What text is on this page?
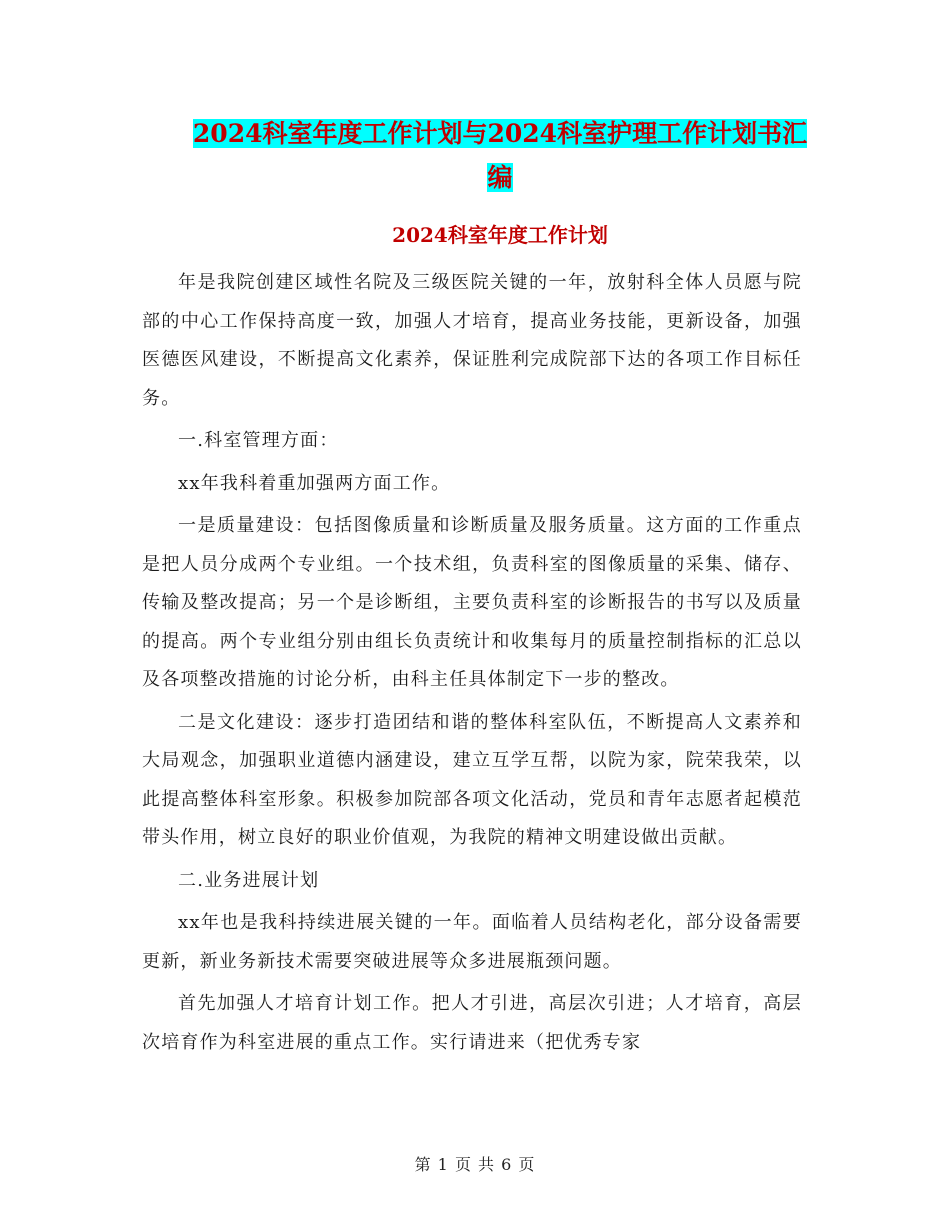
2024科室年度工作计划与2024科室护理工作计划书汇
编
2024科室年度工作计划

年是我院创建区域性名院及三级医院关键的一年，放射科全体人员愿与院部的中心工作保持高度一致，加强人才培育，提高业务技能，更新设备，加强医德医风建设，不断提高文化素养，保证胜利完成院部下达的各项工作目标任务。

一.科室管理方面：

xx年我科着重加强两方面工作。

一是质量建设：包括图像质量和诊断质量及服务质量。这方面的工作重点是把人员分成两个专业组。一个技术组，负责科室的图像质量的采集、储存、传输及整改提高；另一个是诊断组，主要负责科室的诊断报告的书写以及质量的提高。两个专业组分别由组长负责统计和收集每月的质量控制指标的汇总以及各项整改措施的讨论分析，由科主任具体制定下一步的整改。

二是文化建设：逐步打造团结和谐的整体科室队伍，不断提高人文素养和大局观念，加强职业道德内涵建设，建立互学互帮，以院为家，院荣我荣，以此提高整体科室形象。积极参加院部各项文化活动，党员和青年志愿者起模范带头作用，树立良好的职业价值观，为我院的精神文明建设做出贡献。

二.业务进展计划

xx年也是我科持续进展关键的一年。面临着人员结构老化，部分设备需要更新，新业务新技术需要突破进展等众多进展瓶颈问题。

首先加强人才培育计划工作。把人才引进，高层次引进；人才培育，高层次培育作为科室进展的重点工作。实行请进来（把优秀专家

第 1 页 共 6 页
